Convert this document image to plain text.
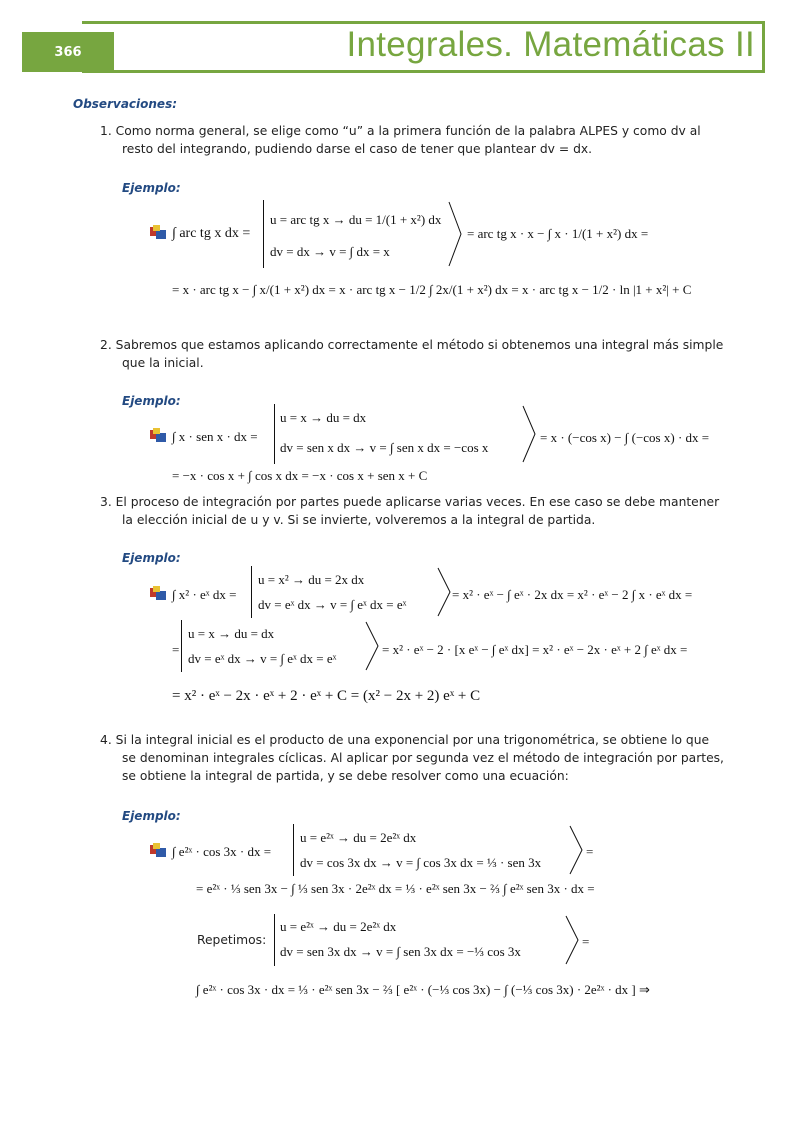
366	Integrales. Matemáticas II
Observaciones:
1. Como norma general, se elige como “u” a la primera función de la palabra ALPES y como dv al
resto del integrando, pudiendo darse el caso de tener que plantear dv = dx.
Ejemplo:
∫ arc tg x dx =
u = arc tg x → du = 1/(1 + x²) dx
dv = dx → v = ∫ dx = x
= arc tg x · x − ∫ x · 1/(1 + x²) dx =
= x · arc tg x − ∫ x/(1 + x²) dx = x · arc tg x − 1/2 ∫ 2x/(1 + x²) dx = x · arc tg x − 1/2 · ln |1 + x²| + C
2. Sabremos que estamos aplicando correctamente el método si obtenemos una integral más simple
que la inicial.
Ejemplo:
∫ x · sen x · dx =
u = x → du = dx
dv = sen x dx → v = ∫ sen x dx = −cos x
= x · (−cos x) − ∫ (−cos x) · dx =
= −x · cos x + ∫ cos x dx = −x · cos x + sen x + C
3. El proceso de integración por partes puede aplicarse varias veces. En ese caso se debe mantener
la elección inicial de u y v. Si se invierte, volveremos a la integral de partida.
Ejemplo:
∫ x² · eˣ dx =
u = x² → du = 2x dx
dv = eˣ dx → v = ∫ eˣ dx = eˣ
= x² · eˣ − ∫ eˣ · 2x dx = x² · eˣ − 2 ∫ x · eˣ dx =
=
u = x → du = dx
dv = eˣ dx → v = ∫ eˣ dx = eˣ
= x² · eˣ − 2 · [x eˣ − ∫ eˣ dx] = x² · eˣ − 2x · eˣ + 2 ∫ eˣ dx =
= x² · eˣ − 2x · eˣ + 2 · eˣ + C = (x² − 2x + 2) eˣ + C
4. Si la integral inicial es el producto de una exponencial por una trigonométrica, se obtiene lo que
se denominan integrales cíclicas. Al aplicar por segunda vez el método de integración por partes,
se obtiene la integral de partida, y se debe resolver como una ecuación:
Ejemplo:
∫ e²ˣ · cos 3x · dx =
u = e²ˣ → du = 2e²ˣ dx
dv = cos 3x dx → v = ∫ cos 3x dx = ⅓ · sen 3x
=
= e²ˣ · ⅓ sen 3x − ∫ ⅓ sen 3x · 2e²ˣ dx = ⅓ · e²ˣ sen 3x − ⅔ ∫ e²ˣ sen 3x · dx =
Repetimos:
u = e²ˣ → du = 2e²ˣ dx
dv = sen 3x dx → v = ∫ sen 3x dx = −⅓ cos 3x
=
∫ e²ˣ · cos 3x · dx = ⅓ · e²ˣ sen 3x − ⅔ [ e²ˣ · (−⅓ cos 3x) − ∫ (−⅓ cos 3x) · 2e²ˣ · dx ] ⇒
